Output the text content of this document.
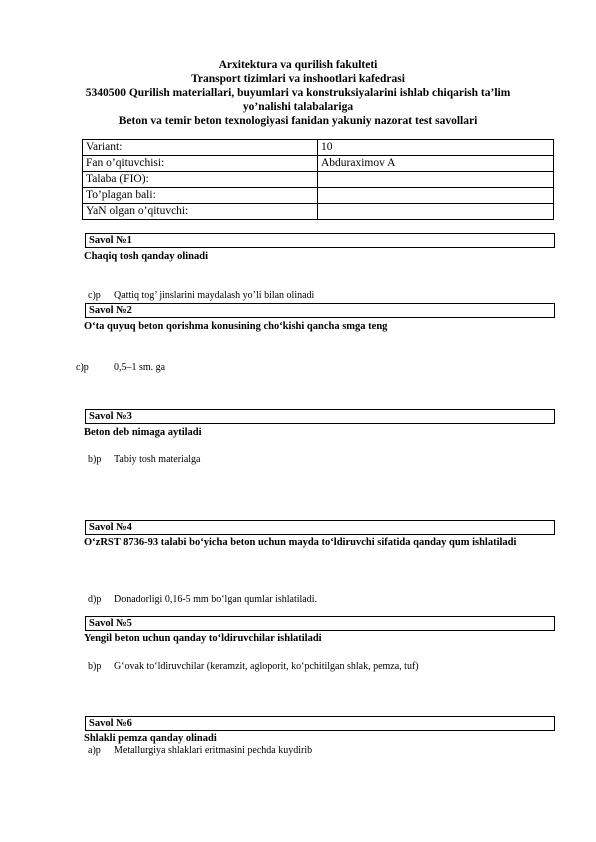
Arxitektura va qurilish fakulteti
Transport tizimlari va inshootlari kafedrasi
5340500 Qurilish materiallari, buyumlari va konstruksiyalarini ishlab chiqarish ta’lim
yo’nalishi talabalariga
Beton va temir beton texnologiyasi fanidan yakuniy nazorat test savollari
Variant:	10
Fan o’qituvchisi:	Abduraximov A
Talaba (FIO):	
To’plagan bali:	
YaN olgan o’qituvchi:	
Savol №1
Chaqiq tosh qanday olinadi
c)p Qattiq tog’ jinslarini maydalash yo’li bilan olinadi
Savol №2
O‘ta quyuq beton qorishma konusining cho‘kishi qancha smga teng
c)p	0,5–1 sm. ga
Savol №3
Beton deb nimaga aytiladi
b)p Tabiy tosh materialga
Savol №4
O‘zRST 8736-93 talabi bo‘yicha beton uchun mayda to‘ldiruvchi sifatida qanday qum ishlatiladi
d)p Donadorligi 0,16-5 mm bo‘lgan qumlar ishlatiladi.
Savol №5
Yengil beton uchun qanday to‘ldiruvchilar ishlatiladi
b)p G‘ovak to‘ldiruvchilar (keramzit, agloporit, ko‘pchitilgan shlak, pemza, tuf)
Savol №6
Shlakli pemza qanday olinadi
a)p Metallurgiya shlaklari eritmasini pechda kuydirib
